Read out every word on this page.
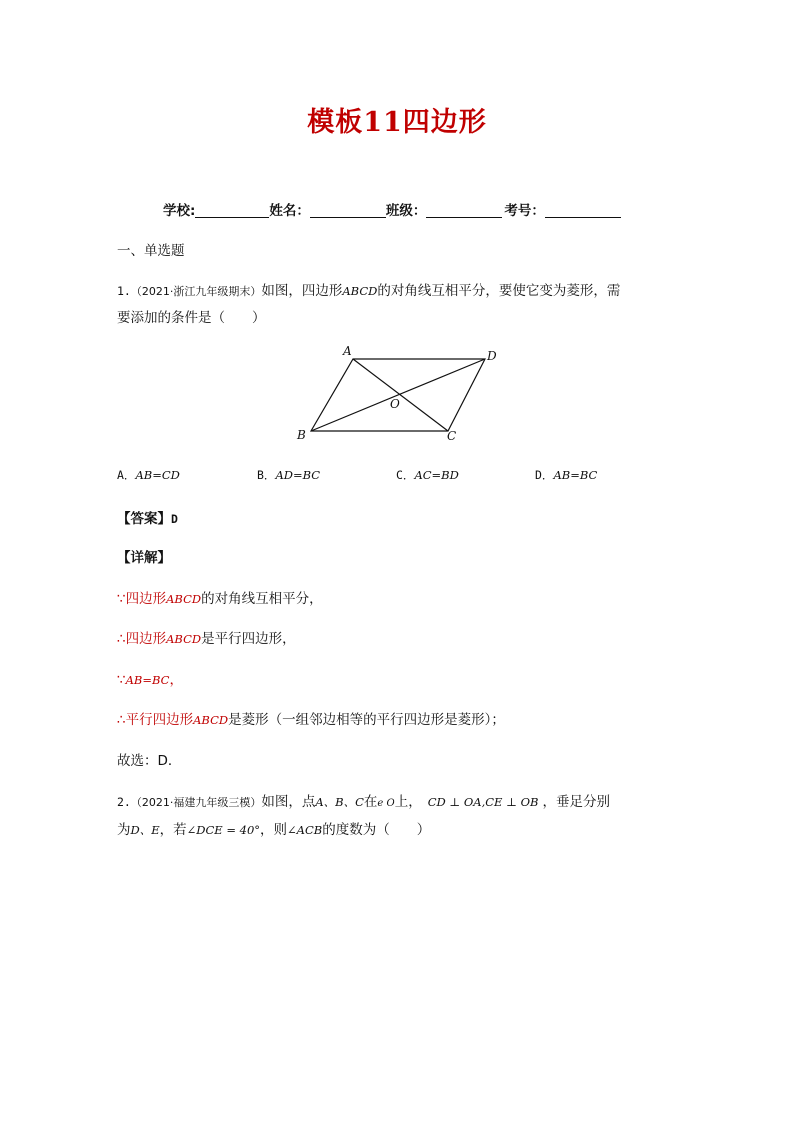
模板11四边形
学校:	姓名：	班级：	考号：
一、单选题
1.（2021·浙江九年级期末）如图，四边形ABCD的对角线互相平分，要使它变为菱形，需
要添加的条件是（　　）
A	D
O
B	C
A．AB=CD	B．AD=BC	C．AC=BD	D．AB=BC
【答案】D
【详解】
∵四边形ABCD的对角线互相平分，
∴四边形ABCD是平行四边形，
∵AB=BC，
∴平行四边形ABCD是菱形（一组邻边相等的平行四边形是菱形）；
故选：D．
2.（2021·福建九年级三模）如图，点A、B、C在e O上， CD ⊥ OA,CE ⊥ OB ，垂足分别
为D、E，若∠DCE = 40°，则∠ACB的度数为（　　）
